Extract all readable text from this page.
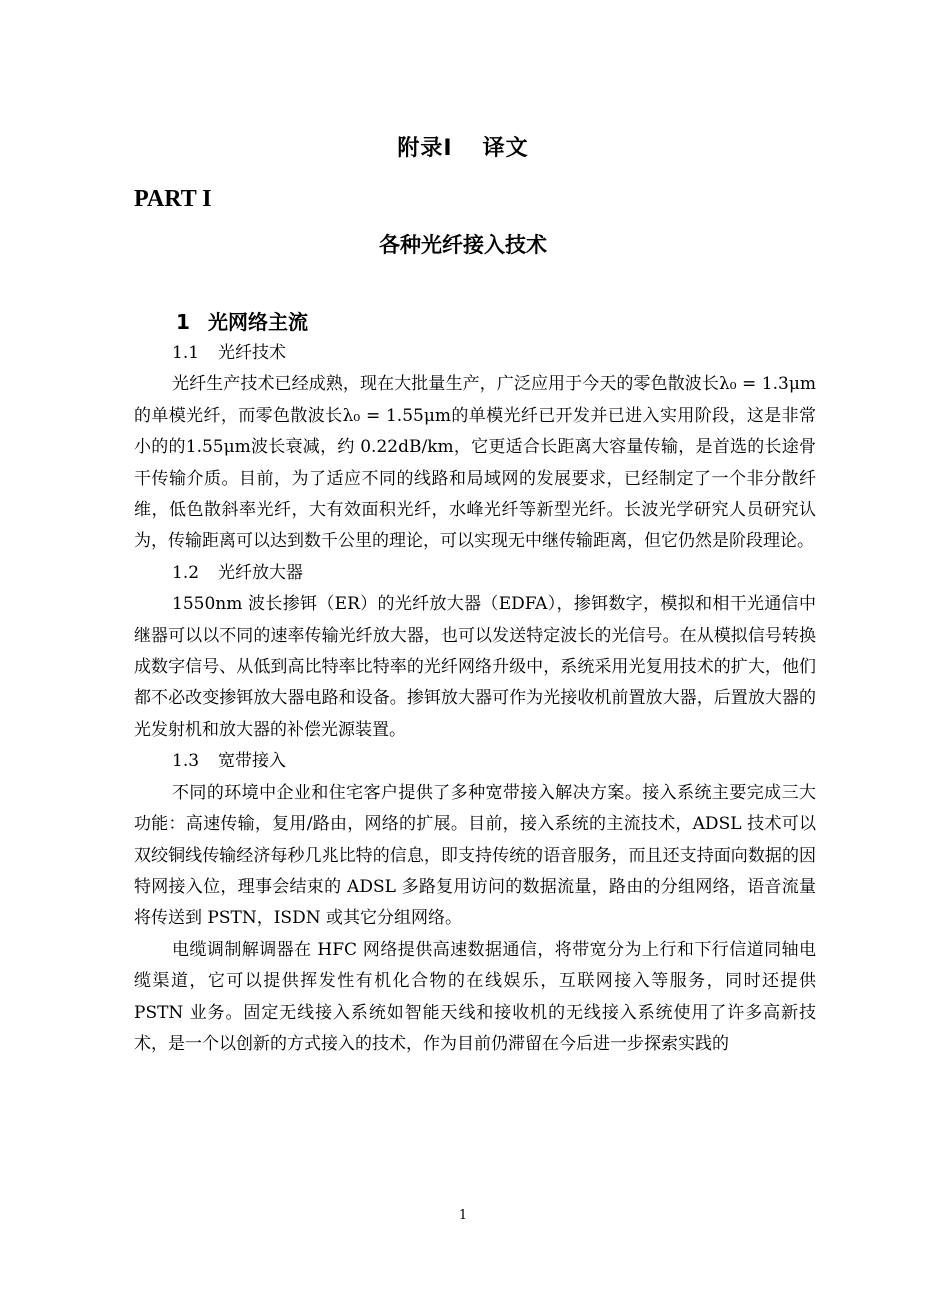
附录Ⅰ 译文
PART I
各种光纤接入技术
1 光网络主流
1.1 光纤技术

光纤生产技术已经成熟，现在大批量生产，广泛应用于今天的零色散波长λ₀ = 1.3μm的单模光纤，而零色散波长λ₀ = 1.55μm的单模光纤已开发并已进入实用阶段，这是非常小的的1.55μm波长衰减，约 0.22dB/km，它更适合长距离大容量传输，是首选的长途骨干传输介质。目前，为了适应不同的线路和局域网的发展要求，已经制定了一个非分散纤维，低色散斜率光纤，大有效面积光纤，水峰光纤等新型光纤。长波光学研究人员研究认为，传输距离可以达到数千公里的理论，可以实现无中继传输距离，但它仍然是阶段理论。

1.2 光纤放大器

1550nm 波长掺铒（ER）的光纤放大器（EDFA），掺铒数字，模拟和相干光通信中继器可以以不同的速率传输光纤放大器，也可以发送特定波长的光信号。在从模拟信号转换成数字信号、从低到高比特率比特率的光纤网络升级中，系统采用光复用技术的扩大，他们都不必改变掺铒放大器电路和设备。掺铒放大器可作为光接收机前置放大器，后置放大器的光发射机和放大器的补偿光源装置。

1.3 宽带接入

不同的环境中企业和住宅客户提供了多种宽带接入解决方案。接入系统主要完成三大功能：高速传输，复用/路由，网络的扩展。目前，接入系统的主流技术，ADSL 技术可以双绞铜线传输经济每秒几兆比特的信息，即支持传统的语音服务，而且还支持面向数据的因特网接入位，理事会结束的 ADSL 多路复用访问的数据流量，路由的分组网络，语音流量将传送到 PSTN，ISDN 或其它分组网络。

电缆调制解调器在 HFC 网络提供高速数据通信，将带宽分为上行和下行信道同轴电缆渠道，它可以提供挥发性有机化合物的在线娱乐，互联网接入等服务，同时还提供 PSTN 业务。固定无线接入系统如智能天线和接收机的无线接入系统使用了许多高新技术，是一个以创新的方式接入的技术，作为目前仍滞留在今后进一步探索实践的

1
